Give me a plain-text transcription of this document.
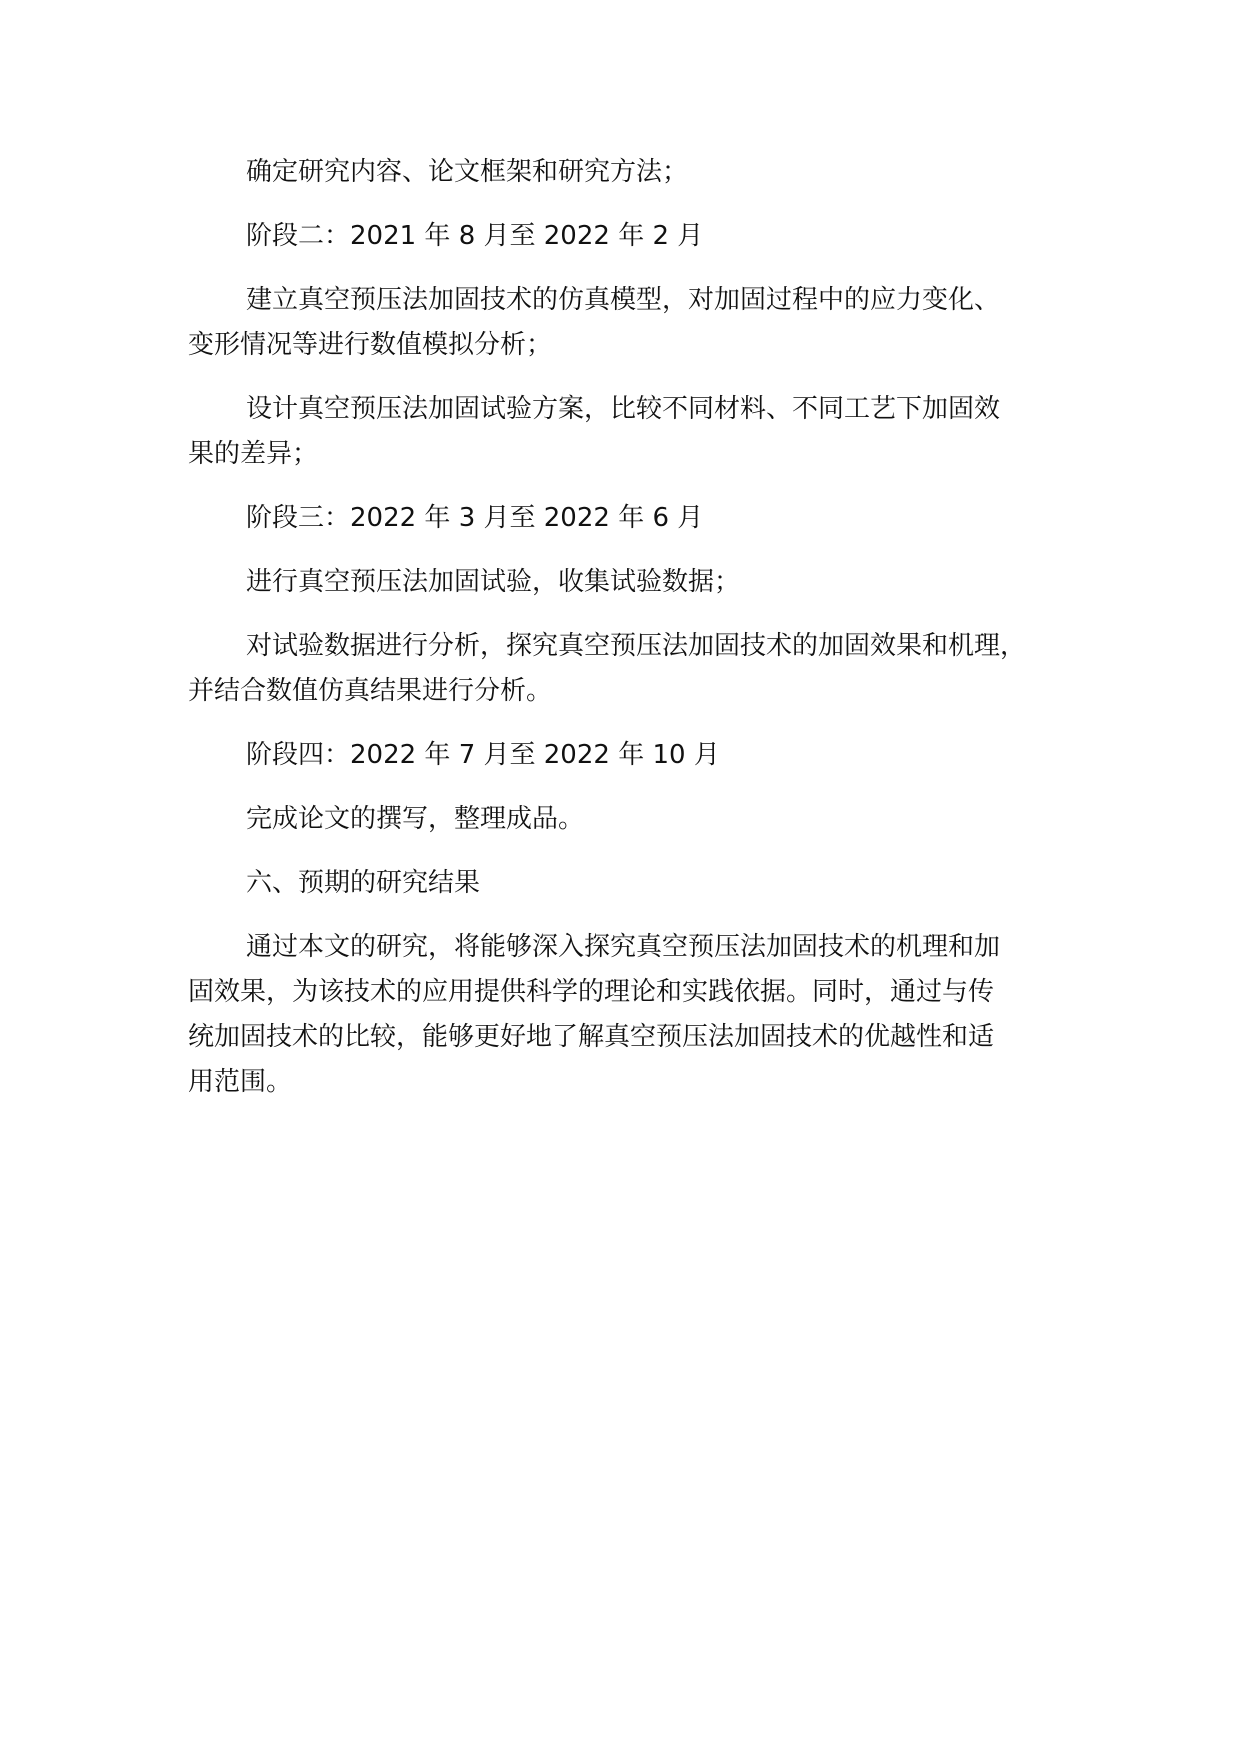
确定研究内容、论文框架和研究方法；

阶段二：2021 年 8 月至 2022 年 2 月

建立真空预压法加固技术的仿真模型，对加固过程中的应力变化、
变形情况等进行数值模拟分析；

设计真空预压法加固试验方案，比较不同材料、不同工艺下加固效
果的差异；

阶段三：2022 年 3 月至 2022 年 6 月

进行真空预压法加固试验，收集试验数据；

对试验数据进行分析，探究真空预压法加固技术的加固效果和机理，
并结合数值仿真结果进行分析。

阶段四：2022 年 7 月至 2022 年 10 月

完成论文的撰写，整理成品。

六、预期的研究结果

通过本文的研究，将能够深入探究真空预压法加固技术的机理和加
固效果，为该技术的应用提供科学的理论和实践依据。同时，通过与传
统加固技术的比较，能够更好地了解真空预压法加固技术的优越性和适
用范围。
